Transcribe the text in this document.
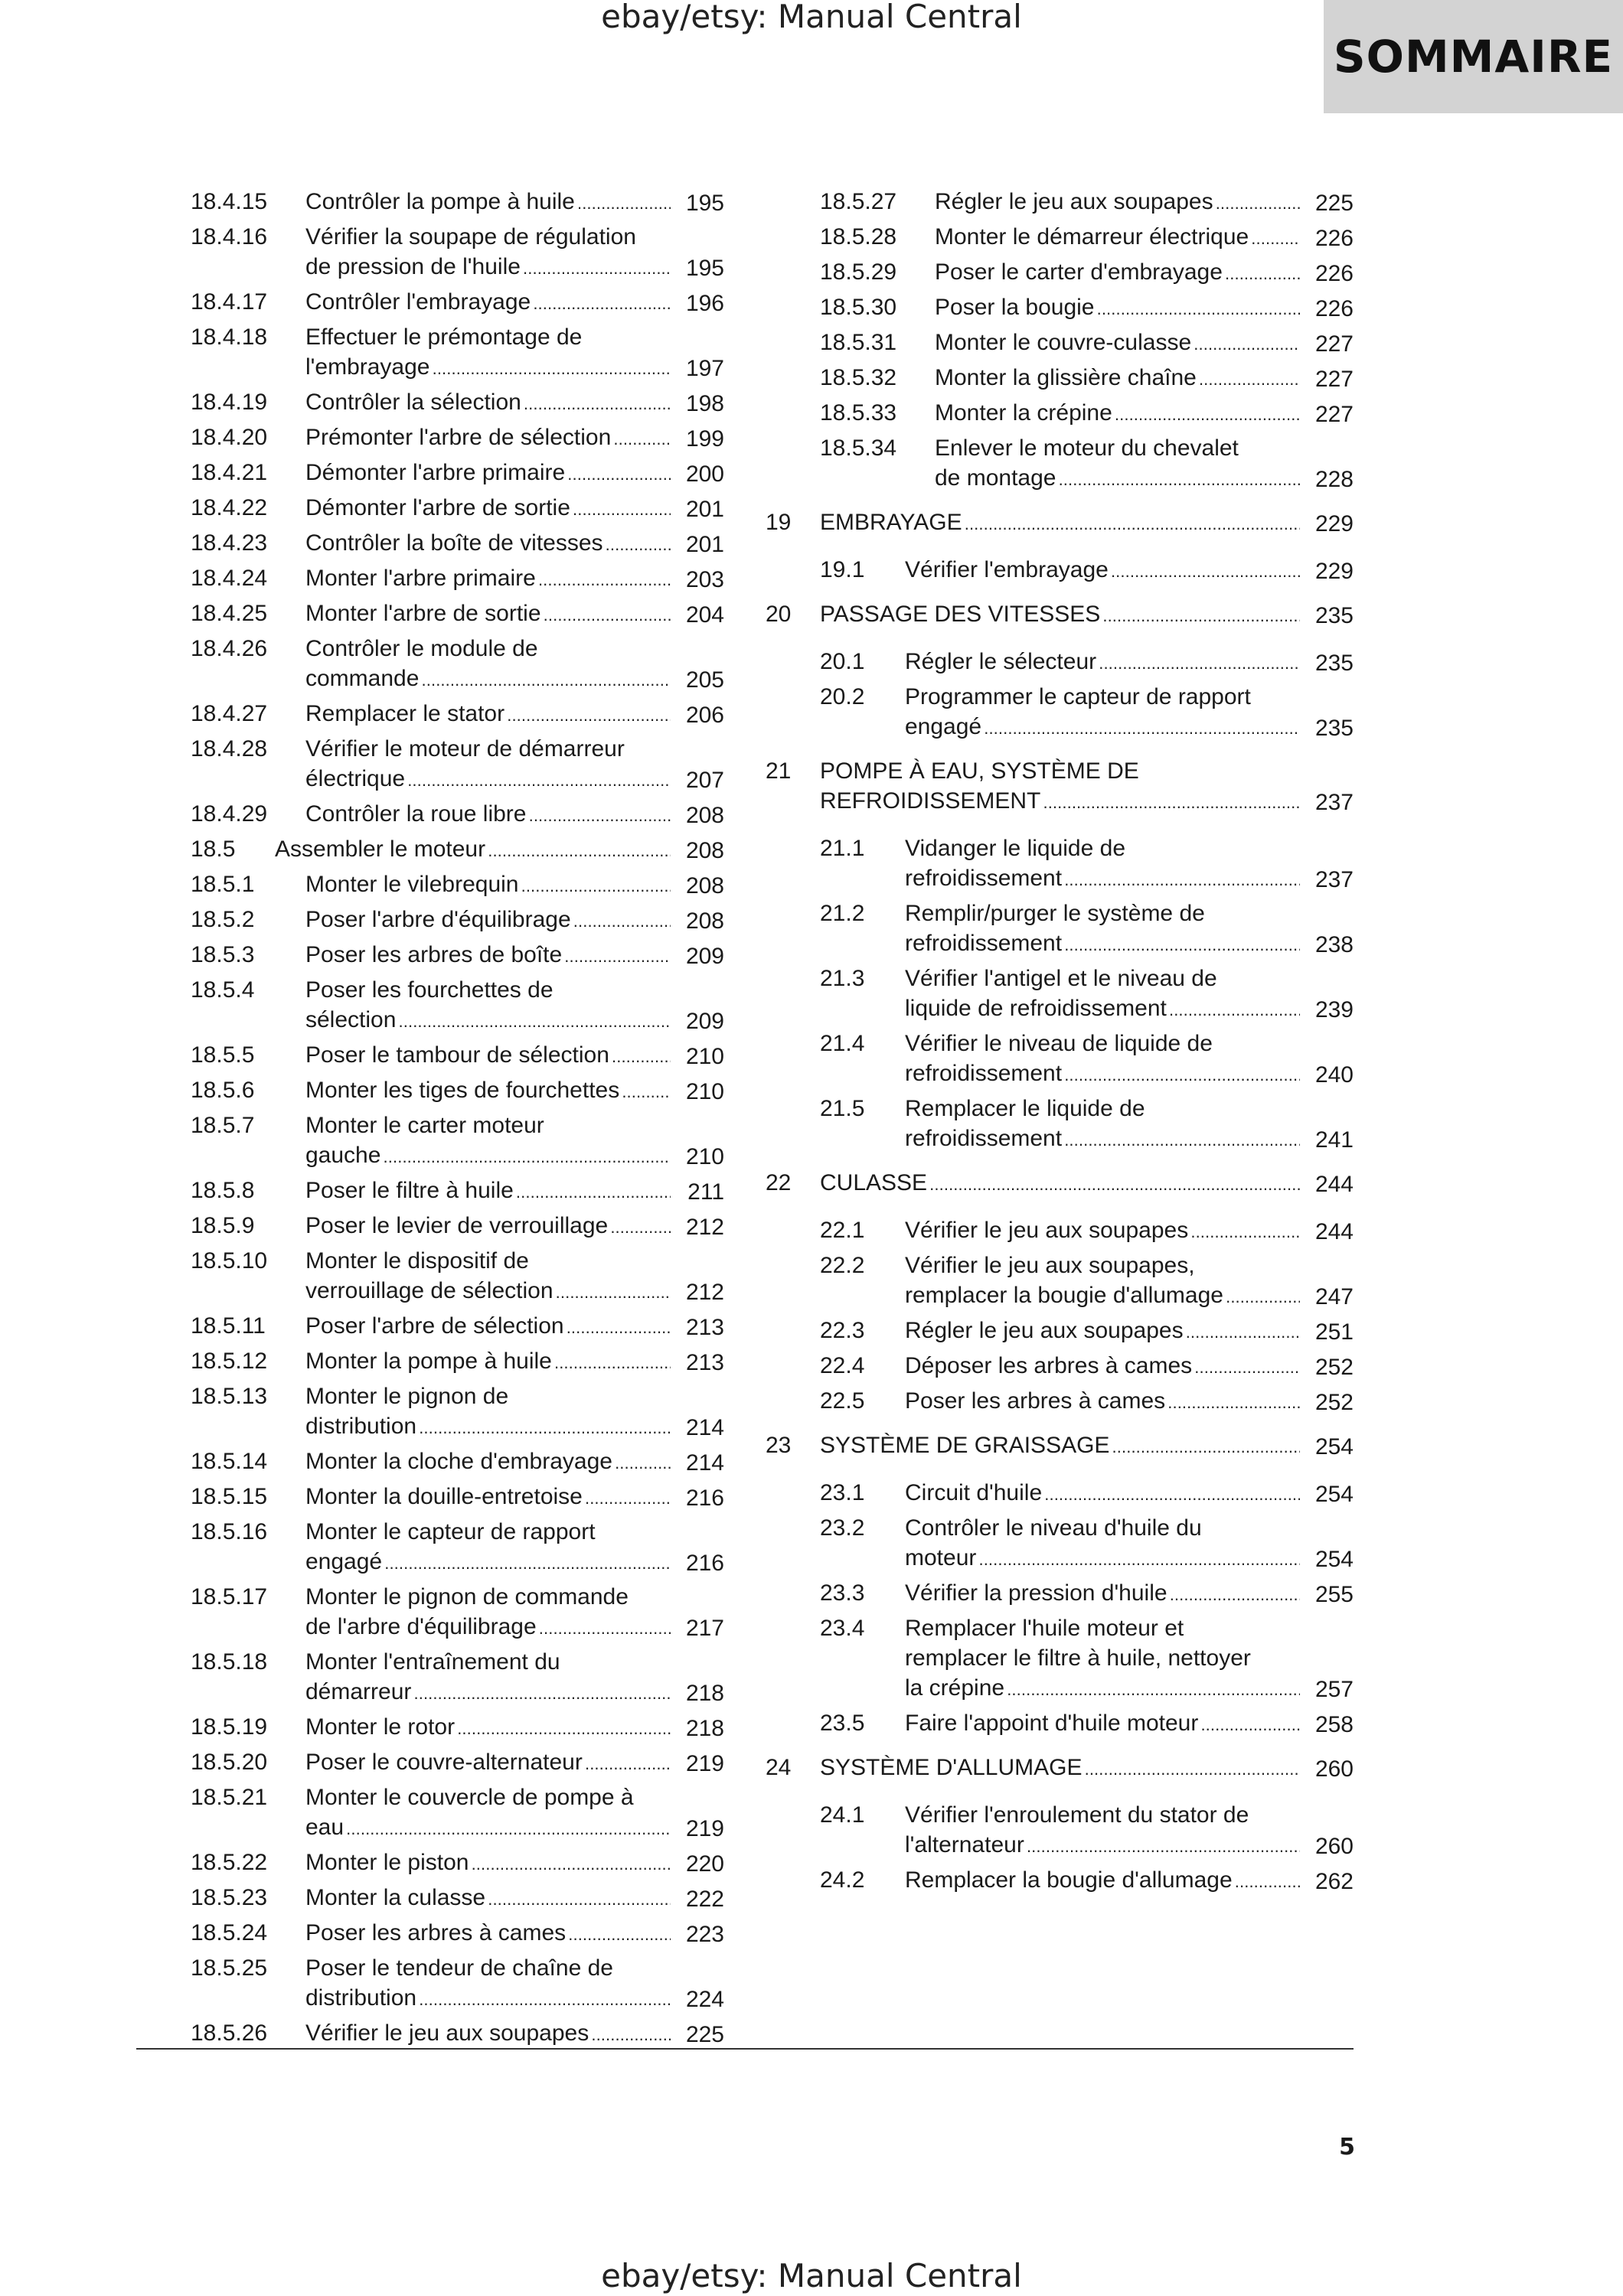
ebay/etsy: Manual Central
SOMMAIRE
18.4.15	Contrôler la pompe à huile . . .	195
18.4.16	Vérifier la soupape de régulation
de pression de l'huile . . .	195
18.4.17	Contrôler l'embrayage . . .	196
18.4.18	Effectuer le prémontage de
l'embrayage . . .	197
18.4.19	Contrôler la sélection . . .	198
18.4.20	Prémonter l'arbre de sélection . . .	199
18.4.21	Démonter l'arbre primaire . . .	200
18.4.22	Démonter l'arbre de sortie . . .	201
18.4.23	Contrôler la boîte de vitesses . . .	201
18.4.24	Monter l'arbre primaire . . .	203
18.4.25	Monter l'arbre de sortie . . .	204
18.4.26	Contrôler le module de
commande . . .	205
18.4.27	Remplacer le stator . . .	206
18.4.28	Vérifier le moteur de démarreur
électrique . . .	207
18.4.29	Contrôler la roue libre . . .	208
18.5	Assembler le moteur . . .	208
18.5.1	Monter le vilebrequin . . .	208
18.5.2	Poser l'arbre d'équilibrage . . .	208
18.5.3	Poser les arbres de boîte . . .	209
18.5.4	Poser les fourchettes de
sélection . . .	209
18.5.5	Poser le tambour de sélection . . .	210
18.5.6	Monter les tiges de fourchettes . . .	210
18.5.7	Monter le carter moteur
gauche . . .	210
18.5.8	Poser le filtre à huile . . .	211
18.5.9	Poser le levier de verrouillage . . .	212
18.5.10	Monter le dispositif de
verrouillage de sélection . . .	212
18.5.11	Poser l'arbre de sélection . . .	213
18.5.12	Monter la pompe à huile . . .	213
18.5.13	Monter le pignon de
distribution . . .	214
18.5.14	Monter la cloche d'embrayage . . .	214
18.5.15	Monter la douille-entretoise . . .	216
18.5.16	Monter le capteur de rapport
engagé . . .	216
18.5.17	Monter le pignon de commande
de l'arbre d'équilibrage . . .	217
18.5.18	Monter l'entraînement du
démarreur . . .	218
18.5.19	Monter le rotor . . .	218
18.5.20	Poser le couvre-alternateur . . .	219
18.5.21	Monter le couvercle de pompe à
eau . . .	219
18.5.22	Monter le piston . . .	220
18.5.23	Monter la culasse . . .	222
18.5.24	Poser les arbres à cames . . .	223
18.5.25	Poser le tendeur de chaîne de
distribution . . .	224
18.5.26	Vérifier le jeu aux soupapes . . .	225
18.5.27	Régler le jeu aux soupapes . . .	225
18.5.28	Monter le démarreur électrique . . .	226
18.5.29	Poser le carter d'embrayage . . .	226
18.5.30	Poser la bougie . . .	226
18.5.31	Monter le couvre-culasse . . .	227
18.5.32	Monter la glissière chaîne . . .	227
18.5.33	Monter la crépine . . .	227
18.5.34	Enlever le moteur du chevalet
de montage . . .	228
19	EMBRAYAGE . . .	229
19.1	Vérifier l'embrayage . . .	229
20	PASSAGE DES VITESSES . . .	235
20.1	Régler le sélecteur . . .	235
20.2	Programmer le capteur de rapport
engagé . . .	235
21	POMPE À EAU, SYSTÈME DE
REFROIDISSEMENT . . .	237
21.1	Vidanger le liquide de
refroidissement . . .	237
21.2	Remplir/purger le système de
refroidissement . . .	238
21.3	Vérifier l'antigel et le niveau de
liquide de refroidissement . . .	239
21.4	Vérifier le niveau de liquide de
refroidissement . . .	240
21.5	Remplacer le liquide de
refroidissement . . .	241
22	CULASSE . . .	244
22.1	Vérifier le jeu aux soupapes . . .	244
22.2	Vérifier le jeu aux soupapes,
remplacer la bougie d'allumage . . .	247
22.3	Régler le jeu aux soupapes . . .	251
22.4	Déposer les arbres à cames . . .	252
22.5	Poser les arbres à cames . . .	252
23	SYSTÈME DE GRAISSAGE . . .	254
23.1	Circuit d'huile . . .	254
23.2	Contrôler le niveau d'huile du
moteur . . .	254
23.3	Vérifier la pression d'huile . . .	255
23.4	Remplacer l'huile moteur et
remplacer le filtre à huile, nettoyer
la crépine . . .	257
23.5	Faire l'appoint d'huile moteur . . .	258
24	SYSTÈME D'ALLUMAGE . . .	260
24.1	Vérifier l'enroulement du stator de
l'alternateur . . .	260
24.2	Remplacer la bougie d'allumage . . .	262
5
ebay/etsy: Manual Central
